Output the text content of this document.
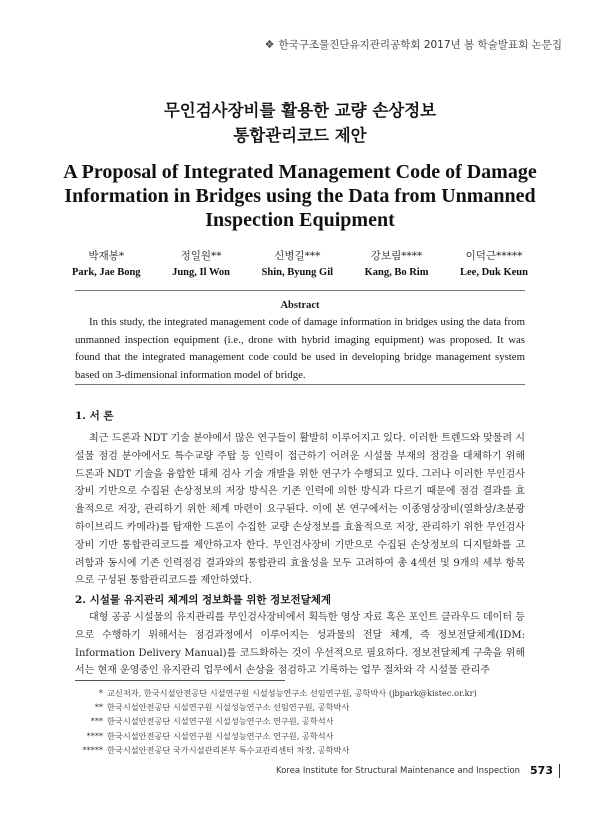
❖ 한국구조물진단유지관리공학회 2017년 봄 학술발표회 논문집
무인검사장비를 활용한 교량 손상정보
통합관리코드 제안
A Proposal of Integrated Management Code of Damage
Information in Bridges using the Data from Unmanned
Inspection Equipment
박재봉*
Park, Jae Bong
정일원**
Jung, Il Won
신병길***
Shin, Byung Gil
강보림****
Kang, Bo Rim
이덕근*****
Lee, Duk Keun
Abstract

In this study, the integrated management code of damage information in bridges using the data from unmanned inspection equipment (i.e., drone with hybrid imaging equipment) was proposed. It was found that the integrated management code could be used in developing bridge management system based on 3-dimensional information model of bridge.

1. 서 론

최근 드론과 NDT 기술 분야에서 많은 연구들이 활발히 이루어지고 있다. 이러한 트렌드와 맞물려 시설물 점검 분야에서도 특수교량 주탑 등 인력이 접근하기 어려운 시설물 부재의 점검을 대체하기 위해 드론과 NDT 기술을 융합한 대체 검사 기술 개발을 위한 연구가 수행되고 있다. 그러나 이러한 무인검사장비 기반으로 수집된 손상정보의 저장 방식은 기존 인력에 의한 방식과 다르기 때문에 점검 결과를 효율적으로 저장, 관리하기 위한 체계 마련이 요구된다. 이에 본 연구에서는 이종영상장비(열화상/초분광 하이브리드 카메라)를 탑재한 드론이 수집한 교량 손상정보를 효율적으로 저장, 관리하기 위한 무인검사장비 기반 통합관리코드를 제안하고자 한다. 무인검사장비 기반으로 수집된 손상정보의 디지털화를 고려함과 동시에 기존 인력점검 결과와의 통합관리 효율성을 모두 고려하여 총 4섹션 및 9개의 세부 항목으로 구성된 통합관리코드를 제안하였다.

2. 시설물 유지관리 체계의 정보화를 위한 정보전달체계

대형 공공 시설물의 유지관리를 무인검사장비에서 획득한 영상 자료 혹은 포인트 클라우드 데이터 등으로 수행하기 위해서는 점검과정에서 이루어지는 성과물의 전달 체계, 즉 정보전달체계(IDM: Information Delivery Manual)를 코드화하는 것이 우선적으로 필요하다. 정보전달체계 구축을 위해서는 현재 운영중인 유지관리 업무에서 손상을 점검하고 기록하는 업무 절차와 각 시설물 관리주

* 교신저자, 한국시설안전공단 시설연구원 시설성능연구소 선임연구원, 공학박사 (jbpark@kistec.or.kr)
** 한국시설안전공단 시설연구원 시설성능연구소 선임연구원, 공학박사
*** 한국시설안전공단 시설연구원 시설성능연구소 연구원, 공학석사
**** 한국시설안전공단 시설연구원 시설성능연구소 연구원, 공학석사
***** 한국시설안전공단 국가시설관리본부 특수교관리센터 차장, 공학박사
Korea Institute for Structural Maintenance and Inspection 573
